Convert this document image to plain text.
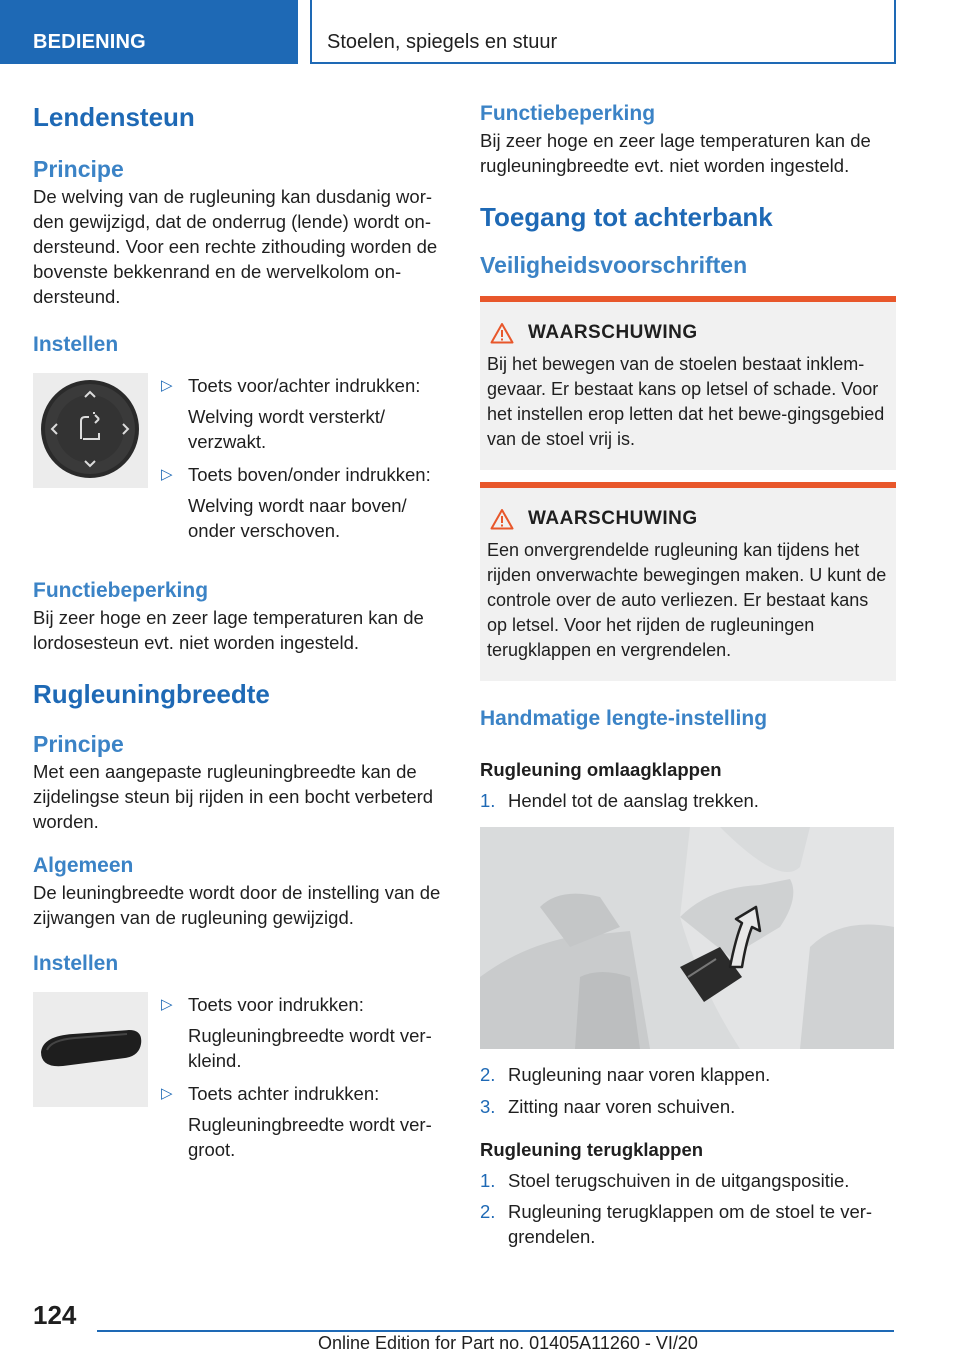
BEDIENING	Stoelen, spiegels en stuur
Lendensteun
Principe
De welving van de rugleuning kan dusdanig wor-den gewijzigd, dat de onderrug (lende) wordt on-dersteund. Voor een rechte zithouding worden de bovenste bekkenrand en de wervelkolom on-dersteund.
Instellen
▷ Toets voor/achter indrukken:
Welving wordt versterkt/ verzwakt.
▷ Toets boven/onder indrukken:
Welving wordt naar boven/ onder verschoven.
Functiebeperking
Bij zeer hoge en zeer lage temperaturen kan de lordosesteun evt. niet worden ingesteld.
Rugleuningbreedte
Principe
Met een aangepaste rugleuningbreedte kan de zijdelingse steun bij rijden in een bocht verbeterd worden.
Algemeen
De leuningbreedte wordt door de instelling van de zijwangen van de rugleuning gewijzigd.
Instellen
▷ Toets voor indrukken:
Rugleuningbreedte wordt ver-kleind.
▷ Toets achter indrukken:
Rugleuningbreedte wordt ver-groot.
Functiebeperking
Bij zeer hoge en zeer lage temperaturen kan de rugleuningbreedte evt. niet worden ingesteld.
Toegang tot achterbank
Veiligheidsvoorschriften
WAARSCHUWING
Bij het bewegen van de stoelen bestaat inklem-gevaar. Er bestaat kans op letsel of schade. Voor het instellen erop letten dat het bewe-gingsgebied van de stoel vrij is.
WAARSCHUWING
Een onvergrendelde rugleuning kan tijdens het rijden onverwachte bewegingen maken. U kunt de controle over de auto verliezen. Er bestaat kans op letsel. Voor het rijden de rugleuningen terugklappen en vergrendelen.
Handmatige lengte-instelling
Rugleuning omlaagklappen
1. Hendel tot de aanslag trekken.
2. Rugleuning naar voren klappen.
3. Zitting naar voren schuiven.
Rugleuning terugklappen
1. Stoel terugschuiven in de uitgangspositie.
2. Rugleuning terugklappen om de stoel te ver-grendelen.
124
Online Edition for Part no. 01405A11260 - VI/20
